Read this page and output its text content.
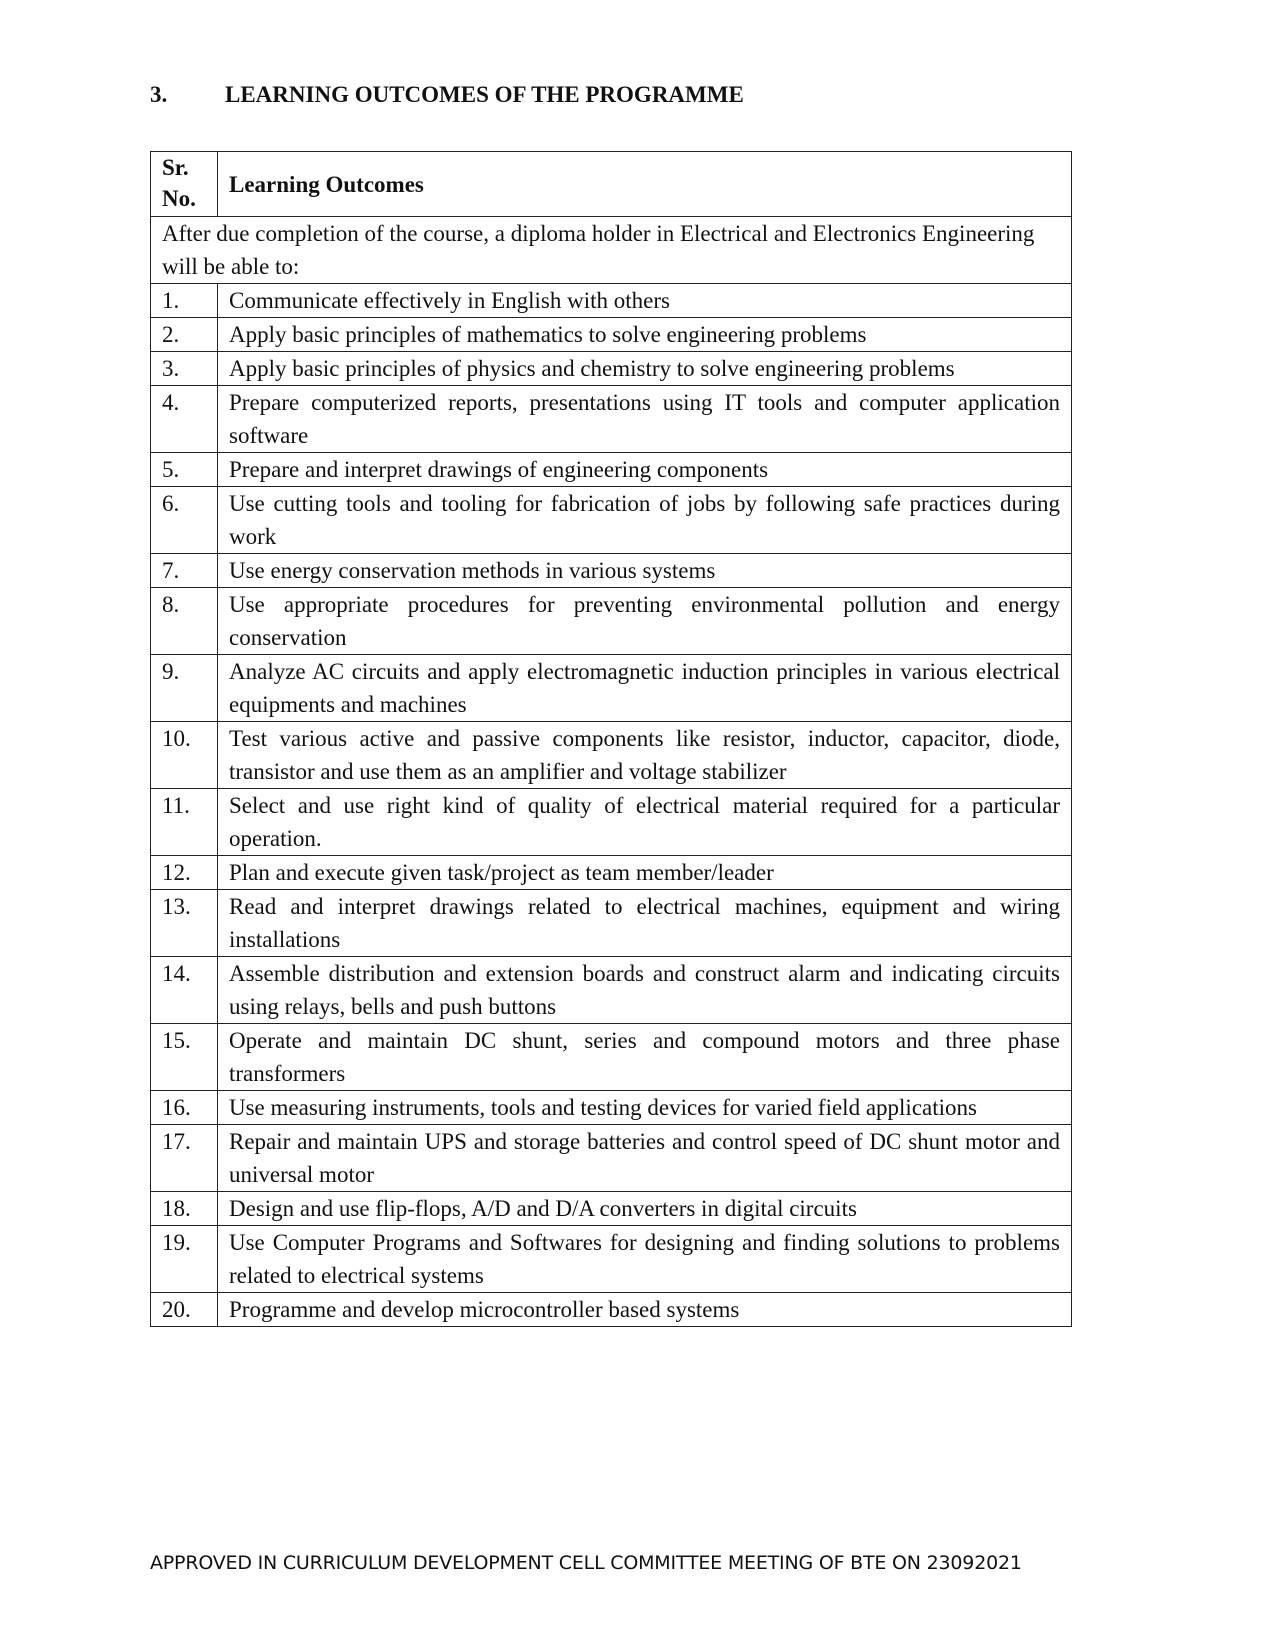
3.	LEARNING OUTCOMES OF THE PROGRAMME
Sr.
No.	Learning Outcomes
After due completion of the course, a diploma holder in Electrical and Electronics Engineering will be able to:	
1.	Communicate effectively in English with others
2.	Apply basic principles of mathematics to solve engineering problems
3.	Apply basic principles of physics and chemistry to solve engineering problems
4.	Prepare computerized reports, presentations using IT tools and computer application software
5.	Prepare and interpret drawings of engineering components
6.	Use cutting tools and tooling for fabrication of jobs by following safe practices during work
7.	Use energy conservation methods in various systems
8.	Use appropriate procedures for preventing environmental pollution and energy conservation
9.	Analyze AC circuits and apply electromagnetic induction principles in various electrical equipments and machines
10.	Test various active and passive components like resistor, inductor, capacitor, diode, transistor and use them as an amplifier and voltage stabilizer
11.	Select and use right kind of quality of electrical material required for a particular operation.
12.	Plan and execute given task/project as team member/leader
13.	Read and interpret drawings related to electrical machines, equipment and wiring installations
14.	Assemble distribution and extension boards and construct alarm and indicating circuits using relays, bells and push buttons
15.	Operate and maintain DC shunt, series and compound motors and three phase transformers
16.	Use measuring instruments, tools and testing devices for varied field applications
17.	Repair and maintain UPS and storage batteries and control speed of DC shunt motor and universal motor
18.	Design and use flip-flops, A/D and D/A converters in digital circuits
19.	Use Computer Programs and Softwares for designing and finding solutions to problems related to electrical systems
20.	Programme and develop microcontroller based systems
APPROVED IN CURRICULUM DEVELOPMENT CELL COMMITTEE MEETING OF BTE ON 23092021
